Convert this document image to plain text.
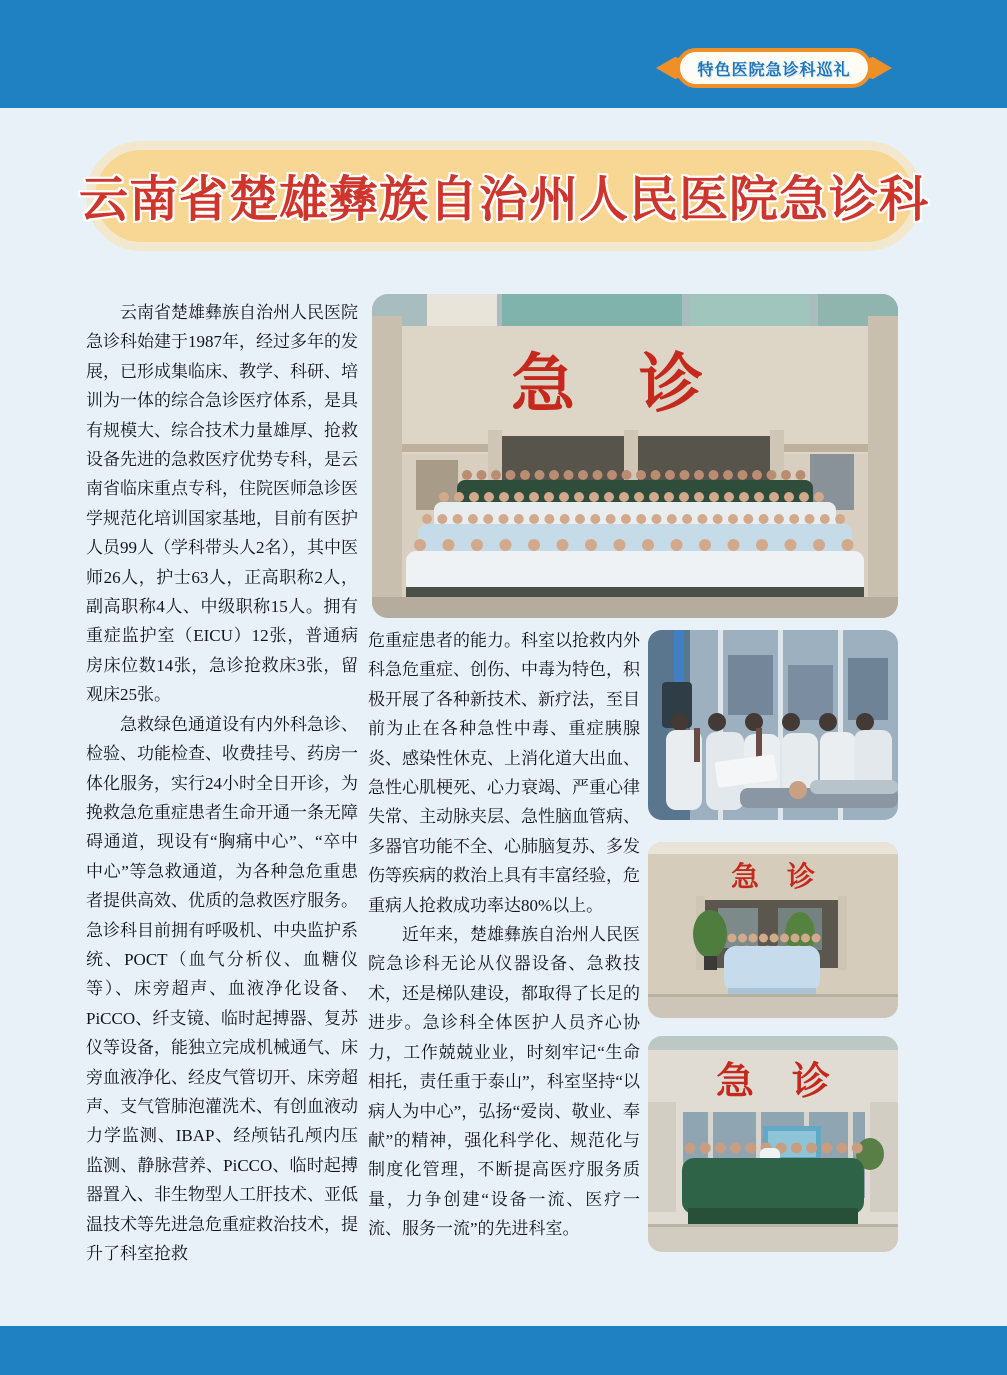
特色医院急诊科巡礼
云南省楚雄彝族自治州人民医院急诊科
急　诊

云南省楚雄彝族自治州人民医院急诊科始建于1987年，经过多年的发展，已形成集临床、教学、科研、培训为一体的综合急诊医疗体系，是具有规模大、综合技术力量雄厚、抢救设备先进的急救医疗优势专科，是云南省临床重点专科，住院医师急诊医学规范化培训国家基地，目前有医护人员99人（学科带头人2名），其中医师26人，护士63人，正高职称2人，副高职称4人、中级职称15人。拥有重症监护室（EICU）12张，普通病房床位数14张，急诊抢救床3张，留观床25张。

急救绿色通道设有内外科急诊、检验、功能检查、收费挂号、药房一体化服务，实行24小时全日开诊，为挽救急危重症患者生命开通一条无障碍通道，现设有“胸痛中心”、“卒中中心”等急救通道，为各种急危重患者提供高效、优质的急救医疗服务。急诊科目前拥有呼吸机、中央监护系统、POCT（血气分析仪、血糖仪等）、床旁超声、血液净化设备、PiCCO、纤支镜、临时起搏器、复苏仪等设备，能独立完成机械通气、床旁血液净化、经皮气管切开、床旁超声、支气管肺泡灌洗术、有创血液动力学监测、IBAP、经颅钻孔颅内压监测、静脉营养、PiCCO、临时起搏器置入、非生物型人工肝技术、亚低温技术等先进急危重症救治技术，提升了科室抢救

危重症患者的能力。科室以抢救内外科急危重症、创伤、中毒为特色，积极开展了各种新技术、新疗法，至目前为止在各种急性中毒、重症胰腺炎、感染性休克、上消化道大出血、急性心肌梗死、心力衰竭、严重心律失常、主动脉夹层、急性脑血管病、多器官功能不全、心肺脑复苏、多发伤等疾病的救治上具有丰富经验，危重病人抢救成功率达80%以上。

近年来，楚雄彝族自治州人民医院急诊科无论从仪器设备、急救技术，还是梯队建设，都取得了长足的进步。急诊科全体医护人员齐心协力，工作兢兢业业，时刻牢记“生命相托，责任重于泰山”，科室坚持“以病人为中心”，弘扬“爱岗、敬业、奉献”的精神，强化科学化、规范化与制度化管理，不断提高医疗服务质量，力争创建“设备一流、医疗一流、服务一流”的先进科室。

急　诊
急　诊
